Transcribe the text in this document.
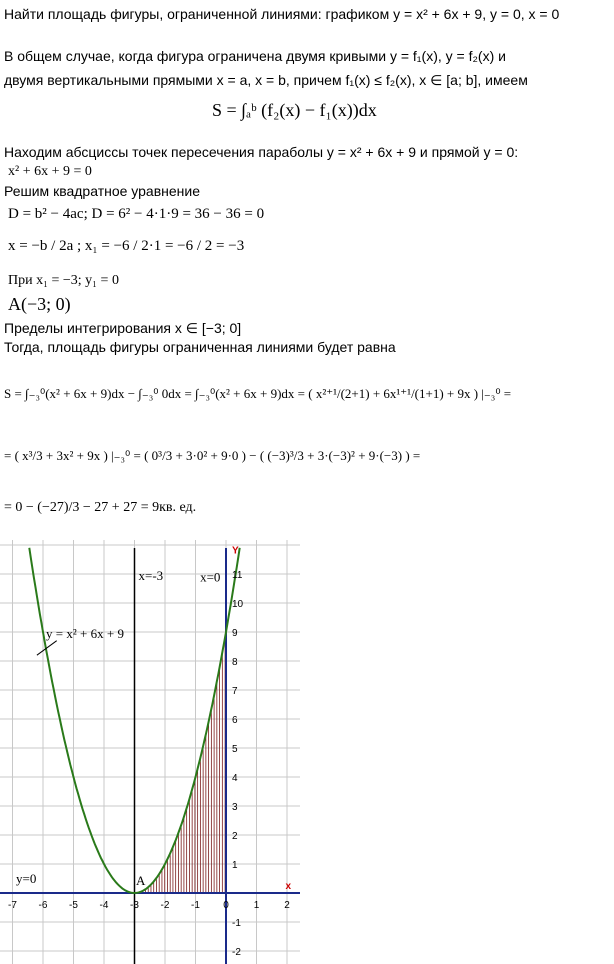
Найти площадь фигуры, ограниченной линиями: графиком y = x² + 6x + 9, y = 0, x = 0
В общем случае, когда фигура ограничена двумя кривыми y = f₁(x), y = f₂(x) и
двумя вертикальными прямыми x = a, x = b, причем f₁(x) ≤ f₂(x), x ∈ [a; b], имеем
S = ∫ₐᵇ (f₂(x) − f₁(x))dx
Находим абсциссы точек пересечения параболы y = x² + 6x + 9 и прямой y = 0:
x² + 6x + 9 = 0
Решим квадратное уравнение
D = b² − 4ac; D = 6² − 4·1·9 = 36 − 36 = 0
x = −b / 2a ; x₁ = −6 / 2·1 = −6 / 2 = −3
При x₁ = −3; y₁ = 0
A(−3; 0)
Пределы интегрирования x ∈ [−3; 0]
Тогда, площадь фигуры ограниченная линиями будет равна
S = ∫₋₃⁰(x² + 6x + 9)dx − ∫₋₃⁰ 0dx = ∫₋₃⁰(x² + 6x + 9)dx = ( x²⁺¹/(2+1) + 6x¹⁺¹/(1+1) + 9x ) |₋₃⁰ =
= ( x³/3 + 3x² + 9x ) |₋₃⁰ = ( 0³/3 + 3·0² + 9·0 ) − ( (−3)³/3 + 3·(−3)² + 9·(−3) ) =
= 0 − (−27)/3 − 27 + 27 = 9кв. ед.
-7 -6 -5 -4 -3 -2 -1 0 1 2
11
10
9
8
7
6
5
4
3
2
1
-1
-2
x
Y
x=-3	x=0
y=0	A
y = x² + 6x + 9
